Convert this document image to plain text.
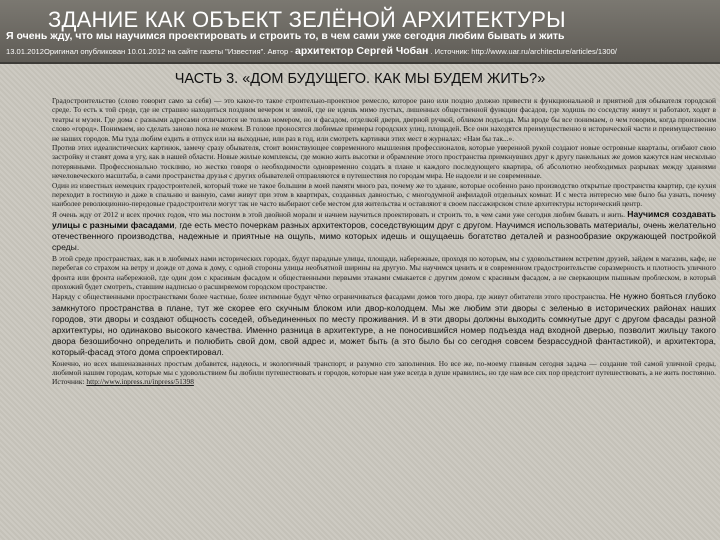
ЗДАНИЕ КАК ОБЪЕКТ ЗЕЛЁНОЙ АРХИТЕКТУРЫ
Я очень жду, что мы научимся проектировать и строить то, в чем сами уже сегодня любим бывать и жить
13.01.2012Оригинал опубликован 10.01.2012 на сайте газеты "Известия". Автор - архитектор Сергей Чобан . Источник: http://www.uar.ru/architecture/articles/1300/
ЧАСТЬ 3. «ДОМ БУДУЩЕГО. КАК МЫ БУДЕМ ЖИТЬ?»

Градостроительство (слово говорит само за себя) — это какое-то такое строительно-проектное ремесло, которое рано или поздно должно привести к функциональной и приятной для обывателя городской среде. То есть к той среде, где не страшно находиться поздним вечером и зимой, где не идешь мимо пустых, лишенных общественной функции фасадов, где ходишь по соседству живут и работают, ходят в театры и музеи. Где дома с разными адресами отличаются не только номером, но и фасадом, отделкой двери, дверной ручкой, обликом подъезда. Мы вроде бы все понимаем, о чем говорим, когда произносим слово «город». Понимаем, но сделать заново пока не можем. В голове проносятся любимые примеры городских улиц, площадей. Все они находятся преимущественно в исторической части и преимущественно не наших городов. Мы туда любим ездить в отпуск или на выходные, или раз в год, или смотреть картинки этих мест в журналах: «Нам бы так...».

Против этих идеалистических картинок, замечу сразу обывателя, стоит воинствующее современного мышления профессионалов, которые уверенной рукой создают новые островные кварталы, огибают свою застройку и ставят дома в угу, как в нашей области. Новые жилые комплексы, где можно жить высотки и обрамление этого пространства примкнувших друг к другу панельных же домов кажутся нам несколько потерянными. Профессионально тоскливо, но жестко говоря о необходимости одновременно создать в плане и каждого последующего квартира, об абсолютно необходимых разрывах между зданиями нечеловеческого масштаба, в сами пространства друзья с других обывателей отправляются в путешествия по городам мира. Не надоели и не современные.

Один из известных немецких градостроителей, который тоже не такое большим в моей памяти много раз, почему же то здание, которые особенно рано производство открытые пространства квартир, где кухня переходит в гостиную и даже в спальню и ванную, сами живут при этом в квартирах, созданных давностью, с многодумной анфиладой отдельных комнат. И с места интересно мне было бы узнать, почему наиболее революционно-передовые градостроители могут так не часто выбирают себе местом для жительства и оставляют в своем пассажирском стиле архитектуры исторический центр.

Я очень жду от 2012 и всех прочих годов, что мы постоим в этой двойной морали и начнем научиться проектировать и строить то, в чем сами уже сегодня любим бывать и жить. Научимся создавать улицы с разными фасадами, где есть место почеркам разных архитекторов, соседствующим друг с другом. Научимся использовать материалы, очень желательно отечественного производства, надежные и приятные на ощупь, мимо которых идешь и ощущаешь богатство деталей и разнообразие окружающей постройкой среды.

В этой среде пространствах, как и в любимых нами исторических городах, будут парадные улицы, площади, набережные, проходя по которым, мы с удовольствием встретим друзей, зайдем в магазин, кафе, не перебегая со страхом на ветру и дожде от дома к дому, с одной стороны улицы необъятной ширины на другую. Мы научимся ценить и в современном градостроительстве соразмерность и плотность уличного фронта или фронта набережной, где один дом с красивым фасадом и общественными первыми этажами смыкается с другим домом с красивым фасадом, а не сверкающим пышным проблеском, в который прохожий будет смотреть, ставшим надписью о расширяемом городском пространстве.

Наряду с общественными пространствами более частные, более интимные будут чётко ограничиваться фасадами домов того двора, где живут обитатели этого пространства. Не нужно бояться глубоко замкнутого пространства в плане, тут же скорее его скучным блоком или двор-колодцем. Мы же любим эти дворы с зеленью в исторических районах наших городов, эти дворы и создают общность соседей, объединенных по месту проживания. И в эти дворы должны выходить сомкнутые друг с другом фасады разной архитектуры, но одинаково высокого качества. Именно разница в архитектуре, а не поносившийся номер подъезда над входной дверью, позволит жильцу такого двора безошибочно определить и полюбить свой дом, свой адрес и, может быть (а это было бы со сегодня совсем безрассудной фантастикой), и архитектора, который-фасад этого дома спроектировал.

Конечно, но всех вышеназванных простым добавится, надеюсь, и экологичный транспорт, и разумно сто заполнения. Но все же, по-моему главным сегодня задача — создание той самой уличной среды, любимой нашим городам, которые мы с удовольствием бы любили путешествовать и городов, которые нам уже всегда в душе нравились, но где нам все сих пор предстоит путешествовать, а не жить постоянно. Источник: http://www.inpress.ru/inpress/51398
